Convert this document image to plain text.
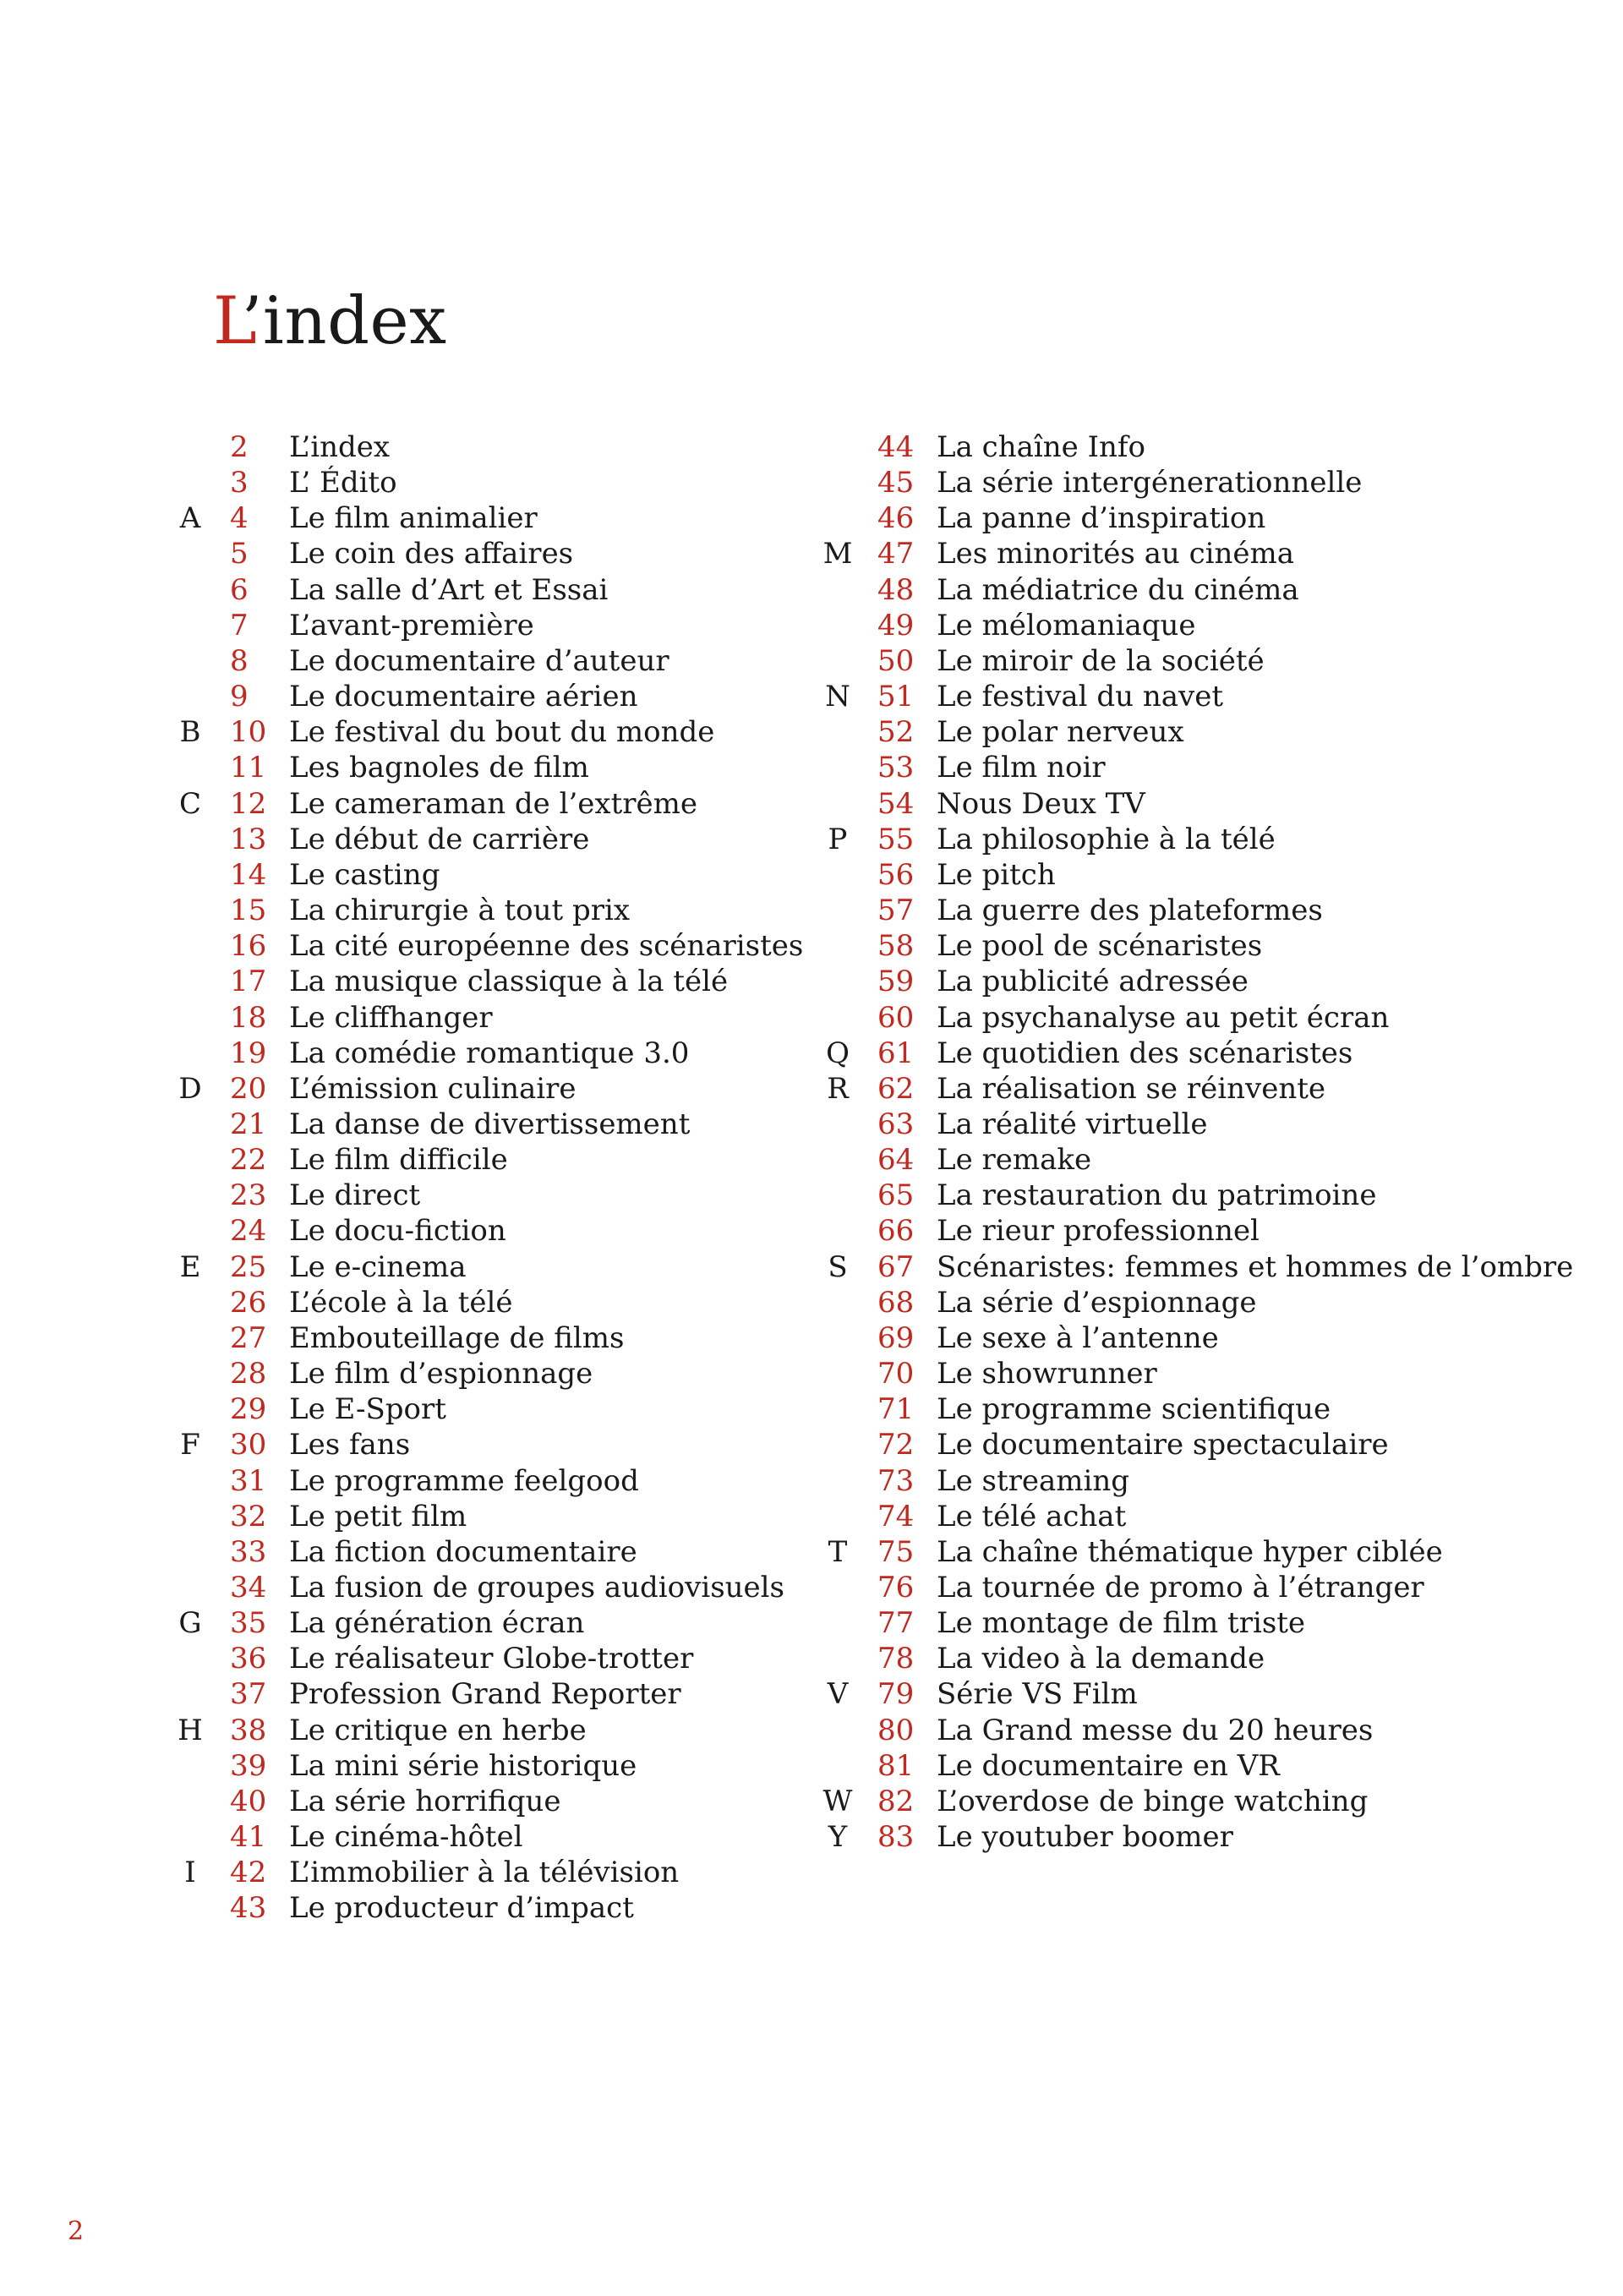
L’index
2	L’index
3	L’ Édito
A	4	Le film animalier
5	Le coin des affaires
6	La salle d’Art et Essai
7	L’avant-première
8	Le documentaire d’auteur
9	Le documentaire aérien
B	10 Le festival du bout du monde
11 Les bagnoles de film
C	12 Le cameraman de l’extrême
13 Le début de carrière
14 Le casting
15 La chirurgie à tout prix
16 La cité européenne des scénaristes
17 La musique classique à la télé
18 Le cliffhanger
19 La comédie romantique 3.0
D 20 L’émission culinaire
21 La danse de divertissement
22 Le film difficile
23 Le direct
24 Le docu-fiction
E	25 Le e-cinema
26 L’école à la télé
27 Embouteillage de films
28 Le film d’espionnage
29 Le E-Sport
F	30 Les fans
31 Le programme feelgood
32 Le petit film
33 La fiction documentaire
34 La fusion de groupes audiovisuels
G 35 La génération écran
36 Le réalisateur Globe-trotter
37 Profession Grand Reporter
H 38 Le critique en herbe
39 La mini série historique
40 La série horrifique
41 Le cinéma-hôtel
I	42 L’immobilier à la télévision
43 Le producteur d’impact
44 La chaîne Info
45 La série intergénerationnelle
46 La panne d’inspiration
M 47 Les minorités au cinéma
48 La médiatrice du cinéma
49 Le mélomaniaque
50 Le miroir de la société
N 51 Le festival du navet
52 Le polar nerveux
53 Le film noir
54 Nous Deux TV
P	55 La philosophie à la télé
56 Le pitch
57 La guerre des plateformes
58 Le pool de scénaristes
59 La publicité adressée
60 La psychanalyse au petit écran
Q 61 Le quotidien des scénaristes
R	62 La réalisation se réinvente
63 La réalité virtuelle
64 Le remake
65 La restauration du patrimoine
66 Le rieur professionnel
S	67 Scénaristes: femmes et hommes de l’ombre
68 La série d’espionnage
69 Le sexe à l’antenne
70 Le showrunner
71 Le programme scientifique
72 Le documentaire spectaculaire
73 Le streaming
74 Le télé achat
T	75 La chaîne thématique hyper ciblée
76 La tournée de promo à l’étranger
77 Le montage de film triste
78 La video à la demande
V	79 Série VS Film
80 La Grand messe du 20 heures
81 Le documentaire en VR
W 82 L’overdose de binge watching
Y	83 Le youtuber boomer
2
